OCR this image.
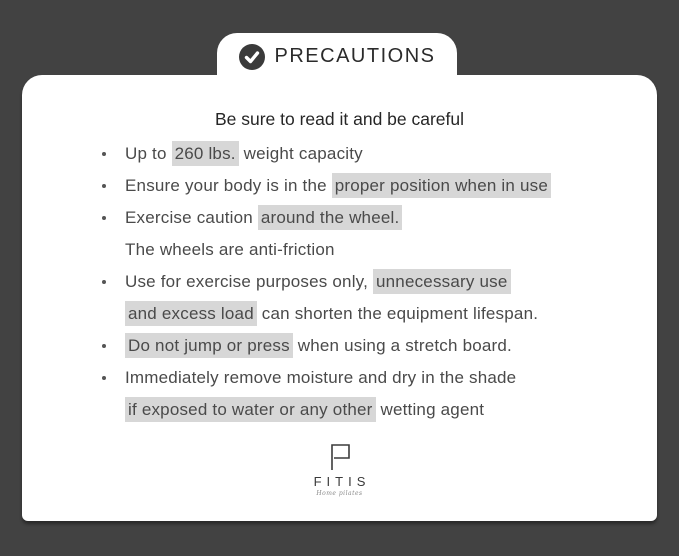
PRECAUTIONS
Be sure to read it and be careful
Up to 260 lbs. weight capacity
Ensure your body is in the proper position when in use
Exercise caution around the wheel.
The wheels are anti-friction
Use for exercise purposes only, unnecessary use
and excess load can shorten the equipment lifespan.
Do not jump or press when using a stretch board.
Immediately remove moisture and dry in the shade
if exposed to water or any other wetting agent
FITIS
Home pilates
